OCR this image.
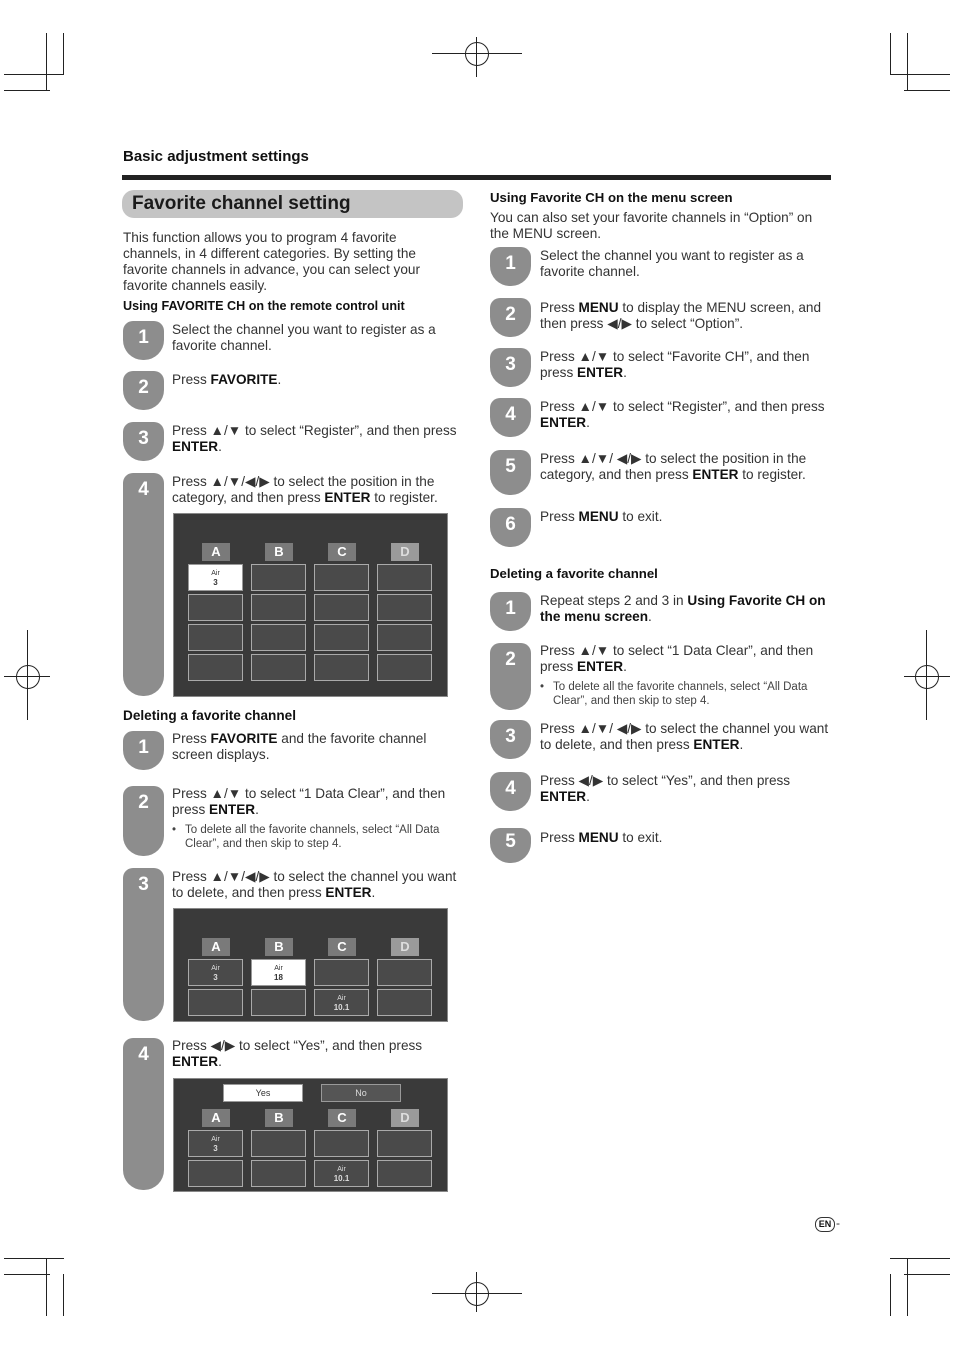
Basic adjustment settings
Favorite channel setting
This function allows you to program 4 favorite channels, in 4 different categories. By setting the favorite channels in advance, you can select your favorite channels easily.
Using FAVORITE CH on the remote control unit
1	Select the channel you want to register as a favorite channel.
2	Press FAVORITE.
3	Press ▲/▼ to select “Register”, and then press ENTER.
4	Press ▲/▼/◀/▶ to select the position in the category, and then press ENTER to register.
A	B	C	D
Air
3
Deleting a favorite channel
1	Press FAVORITE and the favorite channel screen displays.
2	Press ▲/▼ to select “1 Data Clear”, and then press ENTER.
• To delete all the favorite channels, select “All Data Clear”, and then skip to step 4.
3	Press ▲/▼/◀/▶ to select the channel you want to delete, and then press ENTER.
A	B	C	D
Air
3
Air
18
Air
10.1
4	Press ◀/▶ to select “Yes”, and then press ENTER.
A	B	C	D
Air
3
Air
10.1
Yes	No
Using Favorite CH on the menu screen
You can also set your favorite channels in “Option” on the MENU screen.
1	Select the channel you want to register as a favorite channel.
2	Press MENU to display the MENU screen, and then press ◀/▶ to select “Option”.
3	Press ▲/▼ to select “Favorite CH”, and then press ENTER.
4	Press ▲/▼ to select “Register”, and then press ENTER.
5	Press ▲/▼/ ◀/▶ to select the position in the category, and then press ENTER to register.
6	Press MENU to exit.
Deleting a favorite channel
1	Repeat steps 2 and 3 in Using Favorite CH on the menu screen.
2	Press ▲/▼ to select “1 Data Clear”, and then press ENTER.
• To delete all the favorite channels, select “All Data Clear”, and then skip to step 4.
3	Press ▲/▼/ ◀/▶ to select the channel you want to delete, and then press ENTER.
4	Press ◀/▶ to select “Yes”, and then press ENTER.
5	Press MENU to exit.
EN -
